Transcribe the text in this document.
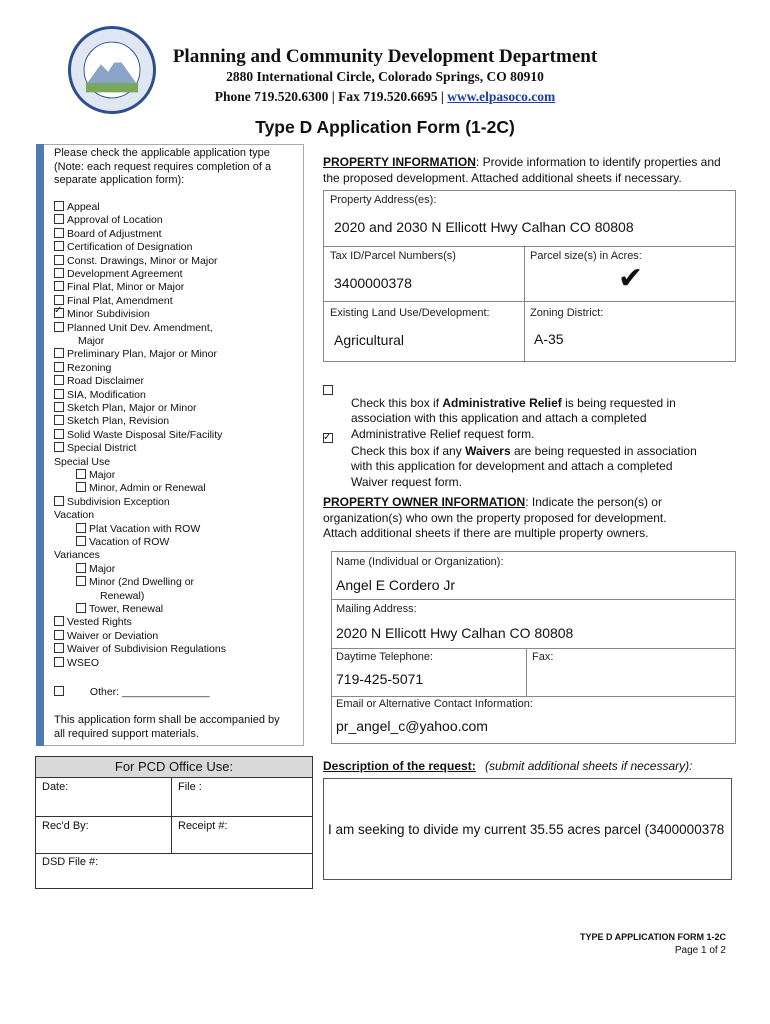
Planning and Community Development Department
2880 International Circle, Colorado Springs, CO 80910
Phone 719.520.6300 | Fax 719.520.6695 | www.elpasoco.com
Type D Application Form (1-2C)
Please check the applicable application type
(Note: each request requires completion of a
separate application form):
Appeal
Approval of Location
Board of Adjustment
Certification of Designation
Const. Drawings, Minor or Major
Development Agreement
Final Plat, Minor or Major
Final Plat, Amendment
✓Minor Subdivision
Planned Unit Dev. Amendment,
Major
Preliminary Plan, Major or Minor
Rezoning
Road Disclaimer
SIA, Modification
Sketch Plan, Major or Minor
Sketch Plan, Revision
Solid Waste Disposal Site/Facility
Special District
Special Use
Major
Minor, Admin or Renewal
Subdivision Exception
Vacation
Plat Vacation with ROW
Vacation of ROW
Variances
Major
Minor (2nd Dwelling or
Renewal)
Tower, Renewal
Vested Rights
Waiver or Deviation
Waiver of Subdivision Regulations
WSEO
Other: _______________
This application form shall be accompanied by
all required support materials.
For PCD Office Use:
Date:	File :
Rec'd By:	Receipt #:
DSD File #:
PROPERTY INFORMATION: Provide information to identify properties and
the proposed development. Attached additional sheets if necessary.
Property Address(es):
2020 and 2030 N Ellicott Hwy Calhan CO 80808
Tax ID/Parcel Numbers(s)
3400000378
Parcel size(s) in Acres:
✔
Existing Land Use/Development:
Agricultural
Zoning District:
A-35
Check this box if Administrative Relief is being requested in
association with this application and attach a completed
Administrative Relief request form.
✓
Check this box if any Waivers are being requested in association
with this application for development and attach a completed
Waiver request form.
PROPERTY OWNER INFORMATION: Indicate the person(s) or
organization(s) who own the property proposed for development.
Attach additional sheets if there are multiple property owners.
Name (Individual or Organization):
Angel E Cordero Jr
Mailing Address:
2020 N Ellicott Hwy Calhan CO 80808
Daytime Telephone:
719-425-5071
Fax:
Email or Alternative Contact Information:
pr_angel_c@yahoo.com
Description of the request: (submit additional sheets if necessary):
I am seeking to divide my current 35.55 acres parcel (3400000378
TYPE D APPLICATION FORM 1-2C
Page 1 of 2
